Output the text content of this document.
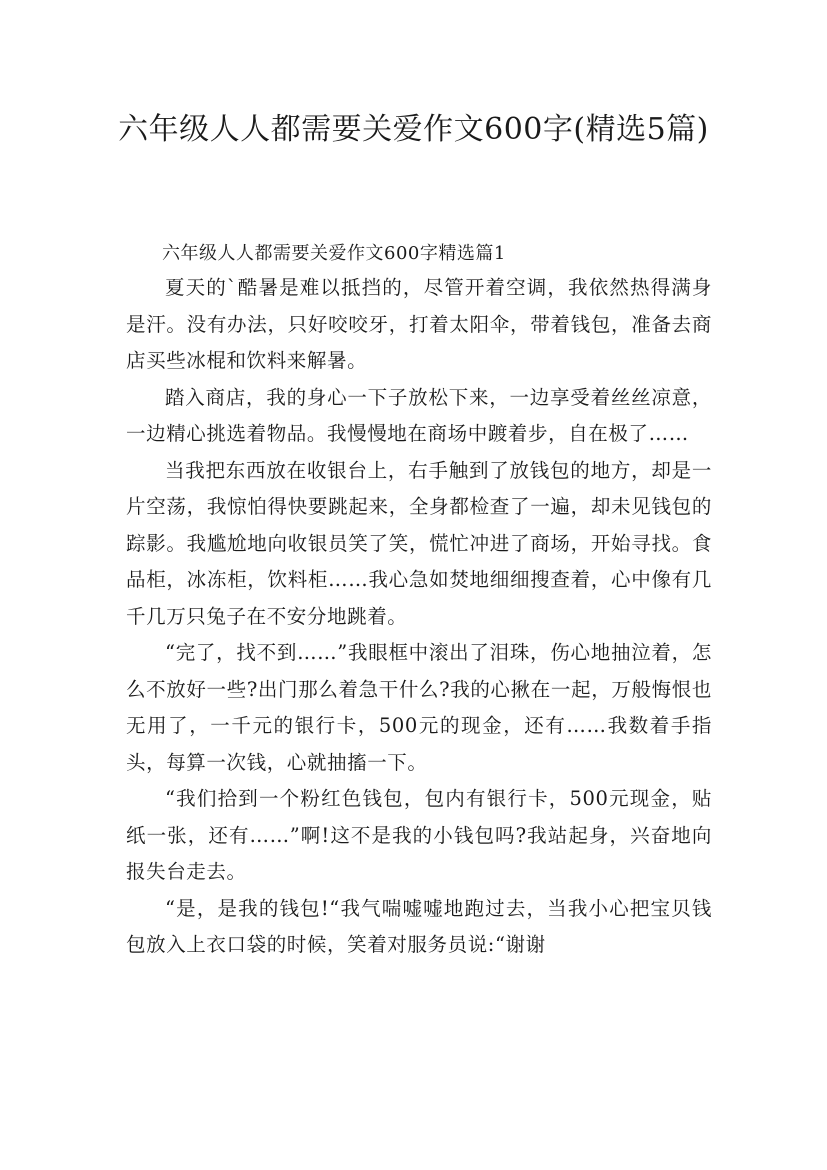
六年级人人都需要关爱作文600字(精选5篇)

六年级人人都需要关爱作文600字精选篇1

夏天的`酷暑是难以抵挡的，尽管开着空调，我依然热得满身是汗。没有办法，只好咬咬牙，打着太阳伞，带着钱包，准备去商店买些冰棍和饮料来解暑。

踏入商店，我的身心一下子放松下来，一边享受着丝丝凉意，一边精心挑选着物品。我慢慢地在商场中踱着步，自在极了……

当我把东西放在收银台上，右手触到了放钱包的地方，却是一片空荡，我惊怕得快要跳起来，全身都检查了一遍，却未见钱包的踪影。我尴尬地向收银员笑了笑，慌忙冲进了商场，开始寻找。食品柜，冰冻柜，饮料柜……我心急如焚地细细搜查着，心中像有几千几万只兔子在不安分地跳着。

“完了，找不到……”我眼框中滚出了泪珠，伤心地抽泣着，怎么不放好一些?出门那么着急干什么?我的心揪在一起，万般悔恨也无用了，一千元的银行卡，500元的现金，还有……我数着手指头，每算一次钱，心就抽搐一下。

“我们拾到一个粉红色钱包，包内有银行卡，500元现金，贴纸一张，还有……”啊!这不是我的小钱包吗?我站起身，兴奋地向报失台走去。

“是，是我的钱包!“我气喘嘘嘘地跑过去，当我小心把宝贝钱包放入上衣口袋的时候，笑着对服务员说:“谢谢
